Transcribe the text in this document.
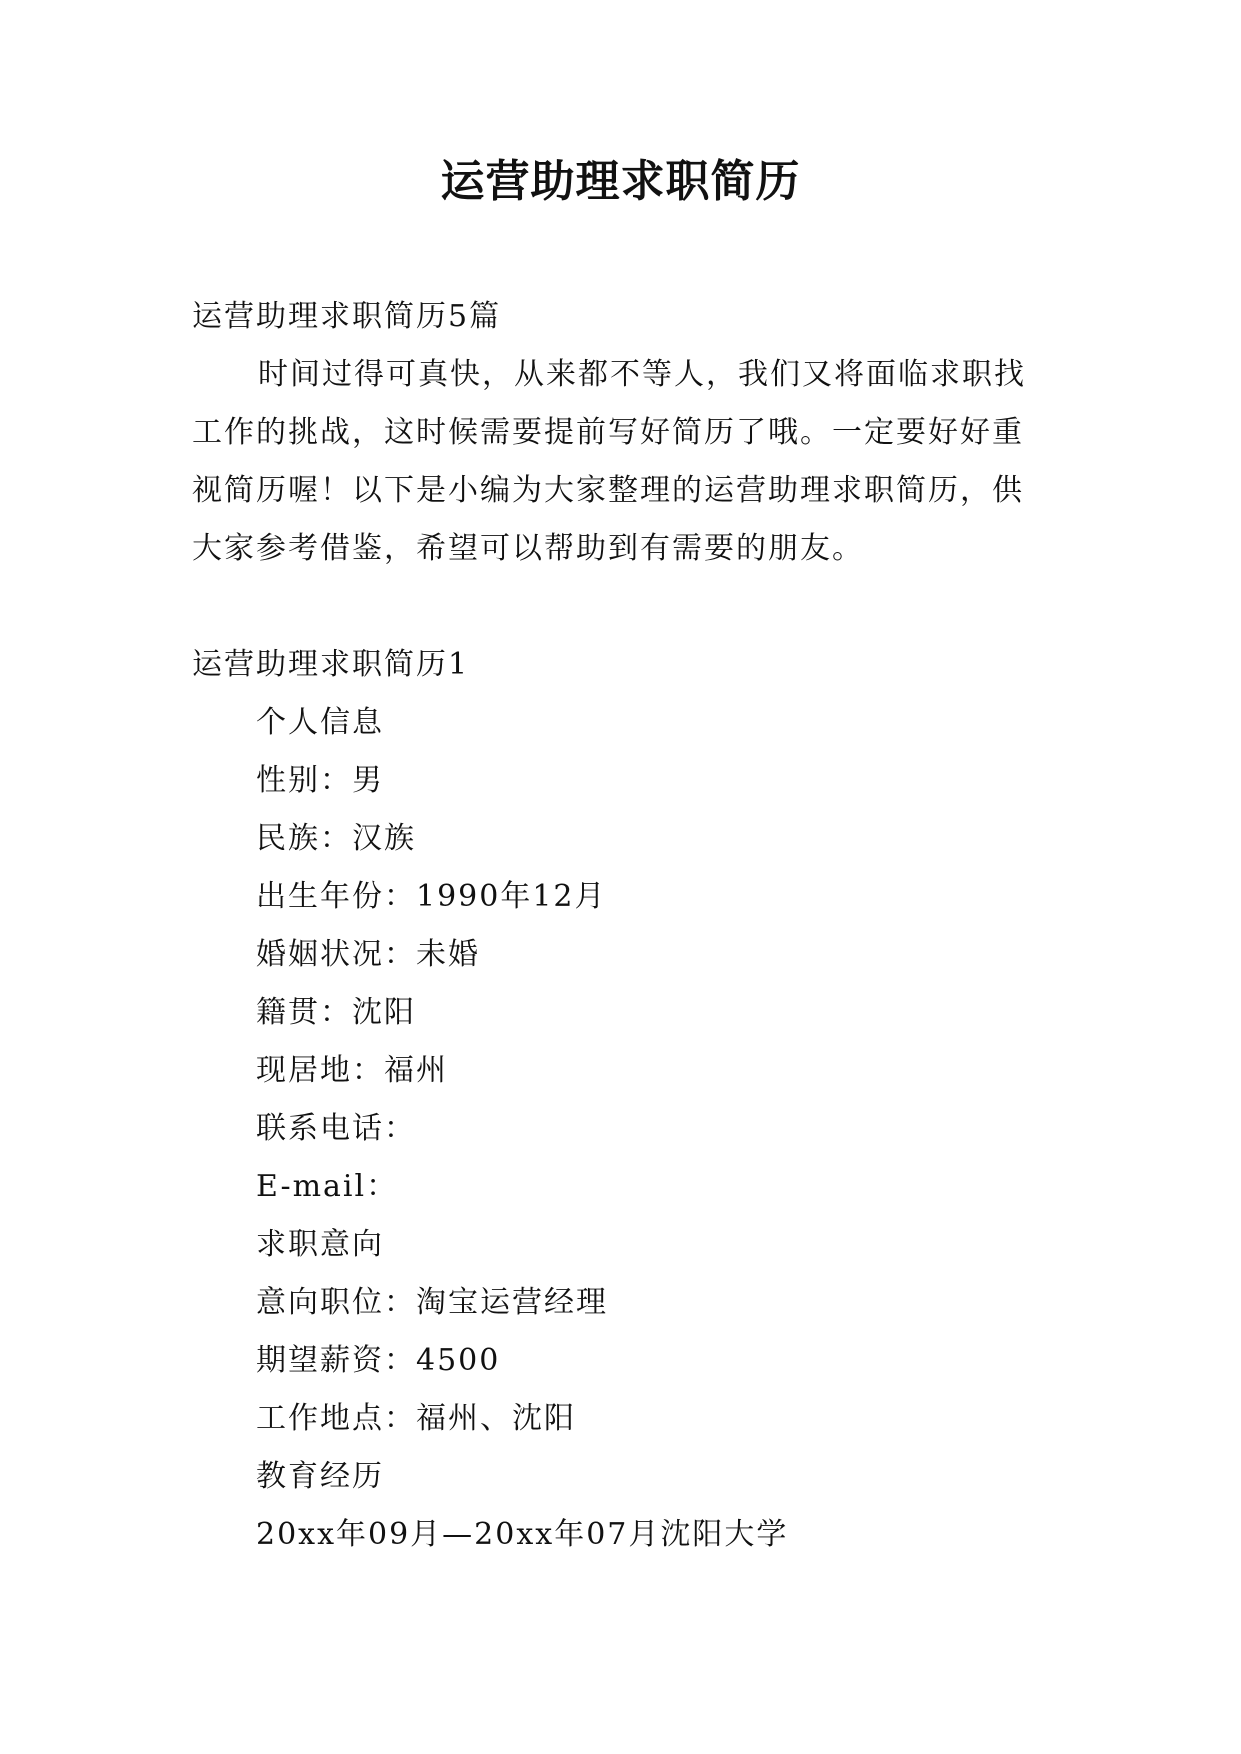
运营助理求职简历
运营助理求职简历5篇
时间过得可真快，从来都不等人，我们又将面临求职找工作的挑战，这时候需要提前写好简历了哦。一定要好好重视简历喔！以下是小编为大家整理的运营助理求职简历，供大家参考借鉴，希望可以帮助到有需要的朋友。
运营助理求职简历1
个人信息
性别：男
民族：汉族
出生年份：1990年12月
婚姻状况：未婚
籍贯：沈阳
现居地：福州
联系电话：
E-mail：
求职意向
意向职位：淘宝运营经理
期望薪资：4500
工作地点：福州、沈阳
教育经历
20xx年09月—20xx年07月沈阳大学
